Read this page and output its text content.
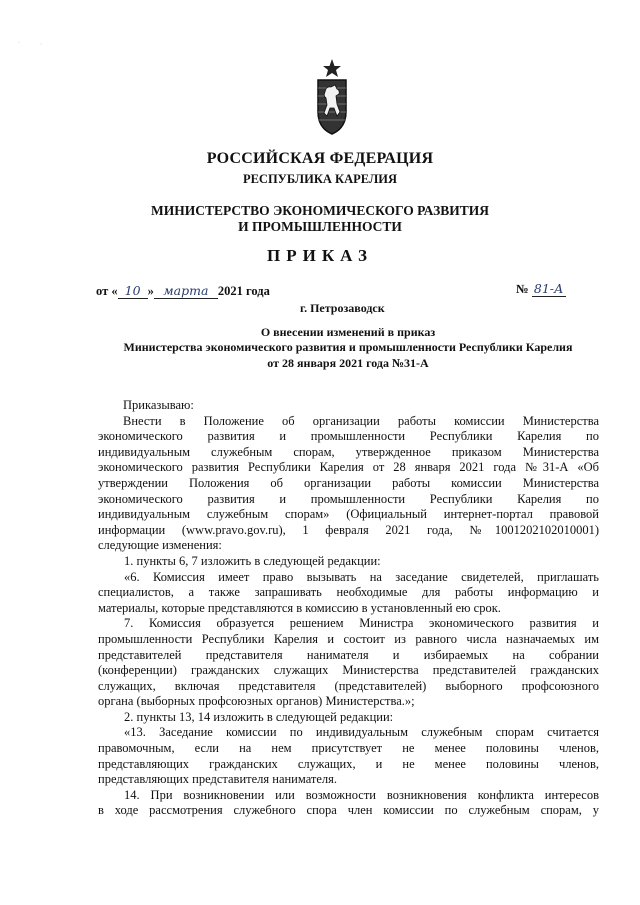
·	·
РОССИЙСКАЯ ФЕДЕРАЦИЯ
РЕСПУБЛИКА КАРЕЛИЯ
МИНИСТЕРСТВО ЭКОНОМИЧЕСКОГО РАЗВИТИЯ
И ПРОМЫШЛЕННОСТИ
ПРИКАЗ
от « 10 » марта 2021 года	№ 81-А
г. Петрозаводск
О внесении изменений в приказ
Министерства экономического развития и промышленности Республики Карелия
от 28 января 2021 года №31-А

Приказываю:

Внести в Положение об организации работы комиссии Министерства

экономического развития и промышленности Республики Карелия по

индивидуальным служебным спорам, утвержденное приказом Министерства

экономического развития Республики Карелия от 28 января 2021 года №31-А «Об

утверждении Положения об организации работы комиссии Министерства

экономического развития и промышленности Республики Карелия по

индивидуальным служебным спорам» (Официальный интернет-портал правовой

информации (www.pravo.gov.ru), 1 февраля 2021 года, №1001202102010001)

следующие изменения:

1. пункты 6, 7 изложить в следующей редакции:

«6. Комиссия имеет право вызывать на заседание свидетелей, приглашать

специалистов, а также запрашивать необходимые для работы информацию и

материалы, которые представляются в комиссию в установленный ею срок.

7. Комиссия образуется решением Министра экономического развития и

промышленности Республики Карелия и состоит из равного числа назначаемых им

представителей представителя нанимателя и избираемых на собрании

(конференции) гражданских служащих Министерства представителей гражданских

служащих, включая представителя (представителей) выборного профсоюзного

органа (выборных профсоюзных органов) Министерства.»;

2. пункты 13, 14 изложить в следующей редакции:

«13. Заседание комиссии по индивидуальным служебным спорам считается

правомочным, если на нем присутствует не менее половины членов,

представляющих гражданских служащих, и не менее половины членов,

представляющих представителя нанимателя.

14. При возникновении или возможности возникновения конфликта интересов

в ходе рассмотрения служебного спора член комиссии по служебным спорам, у
